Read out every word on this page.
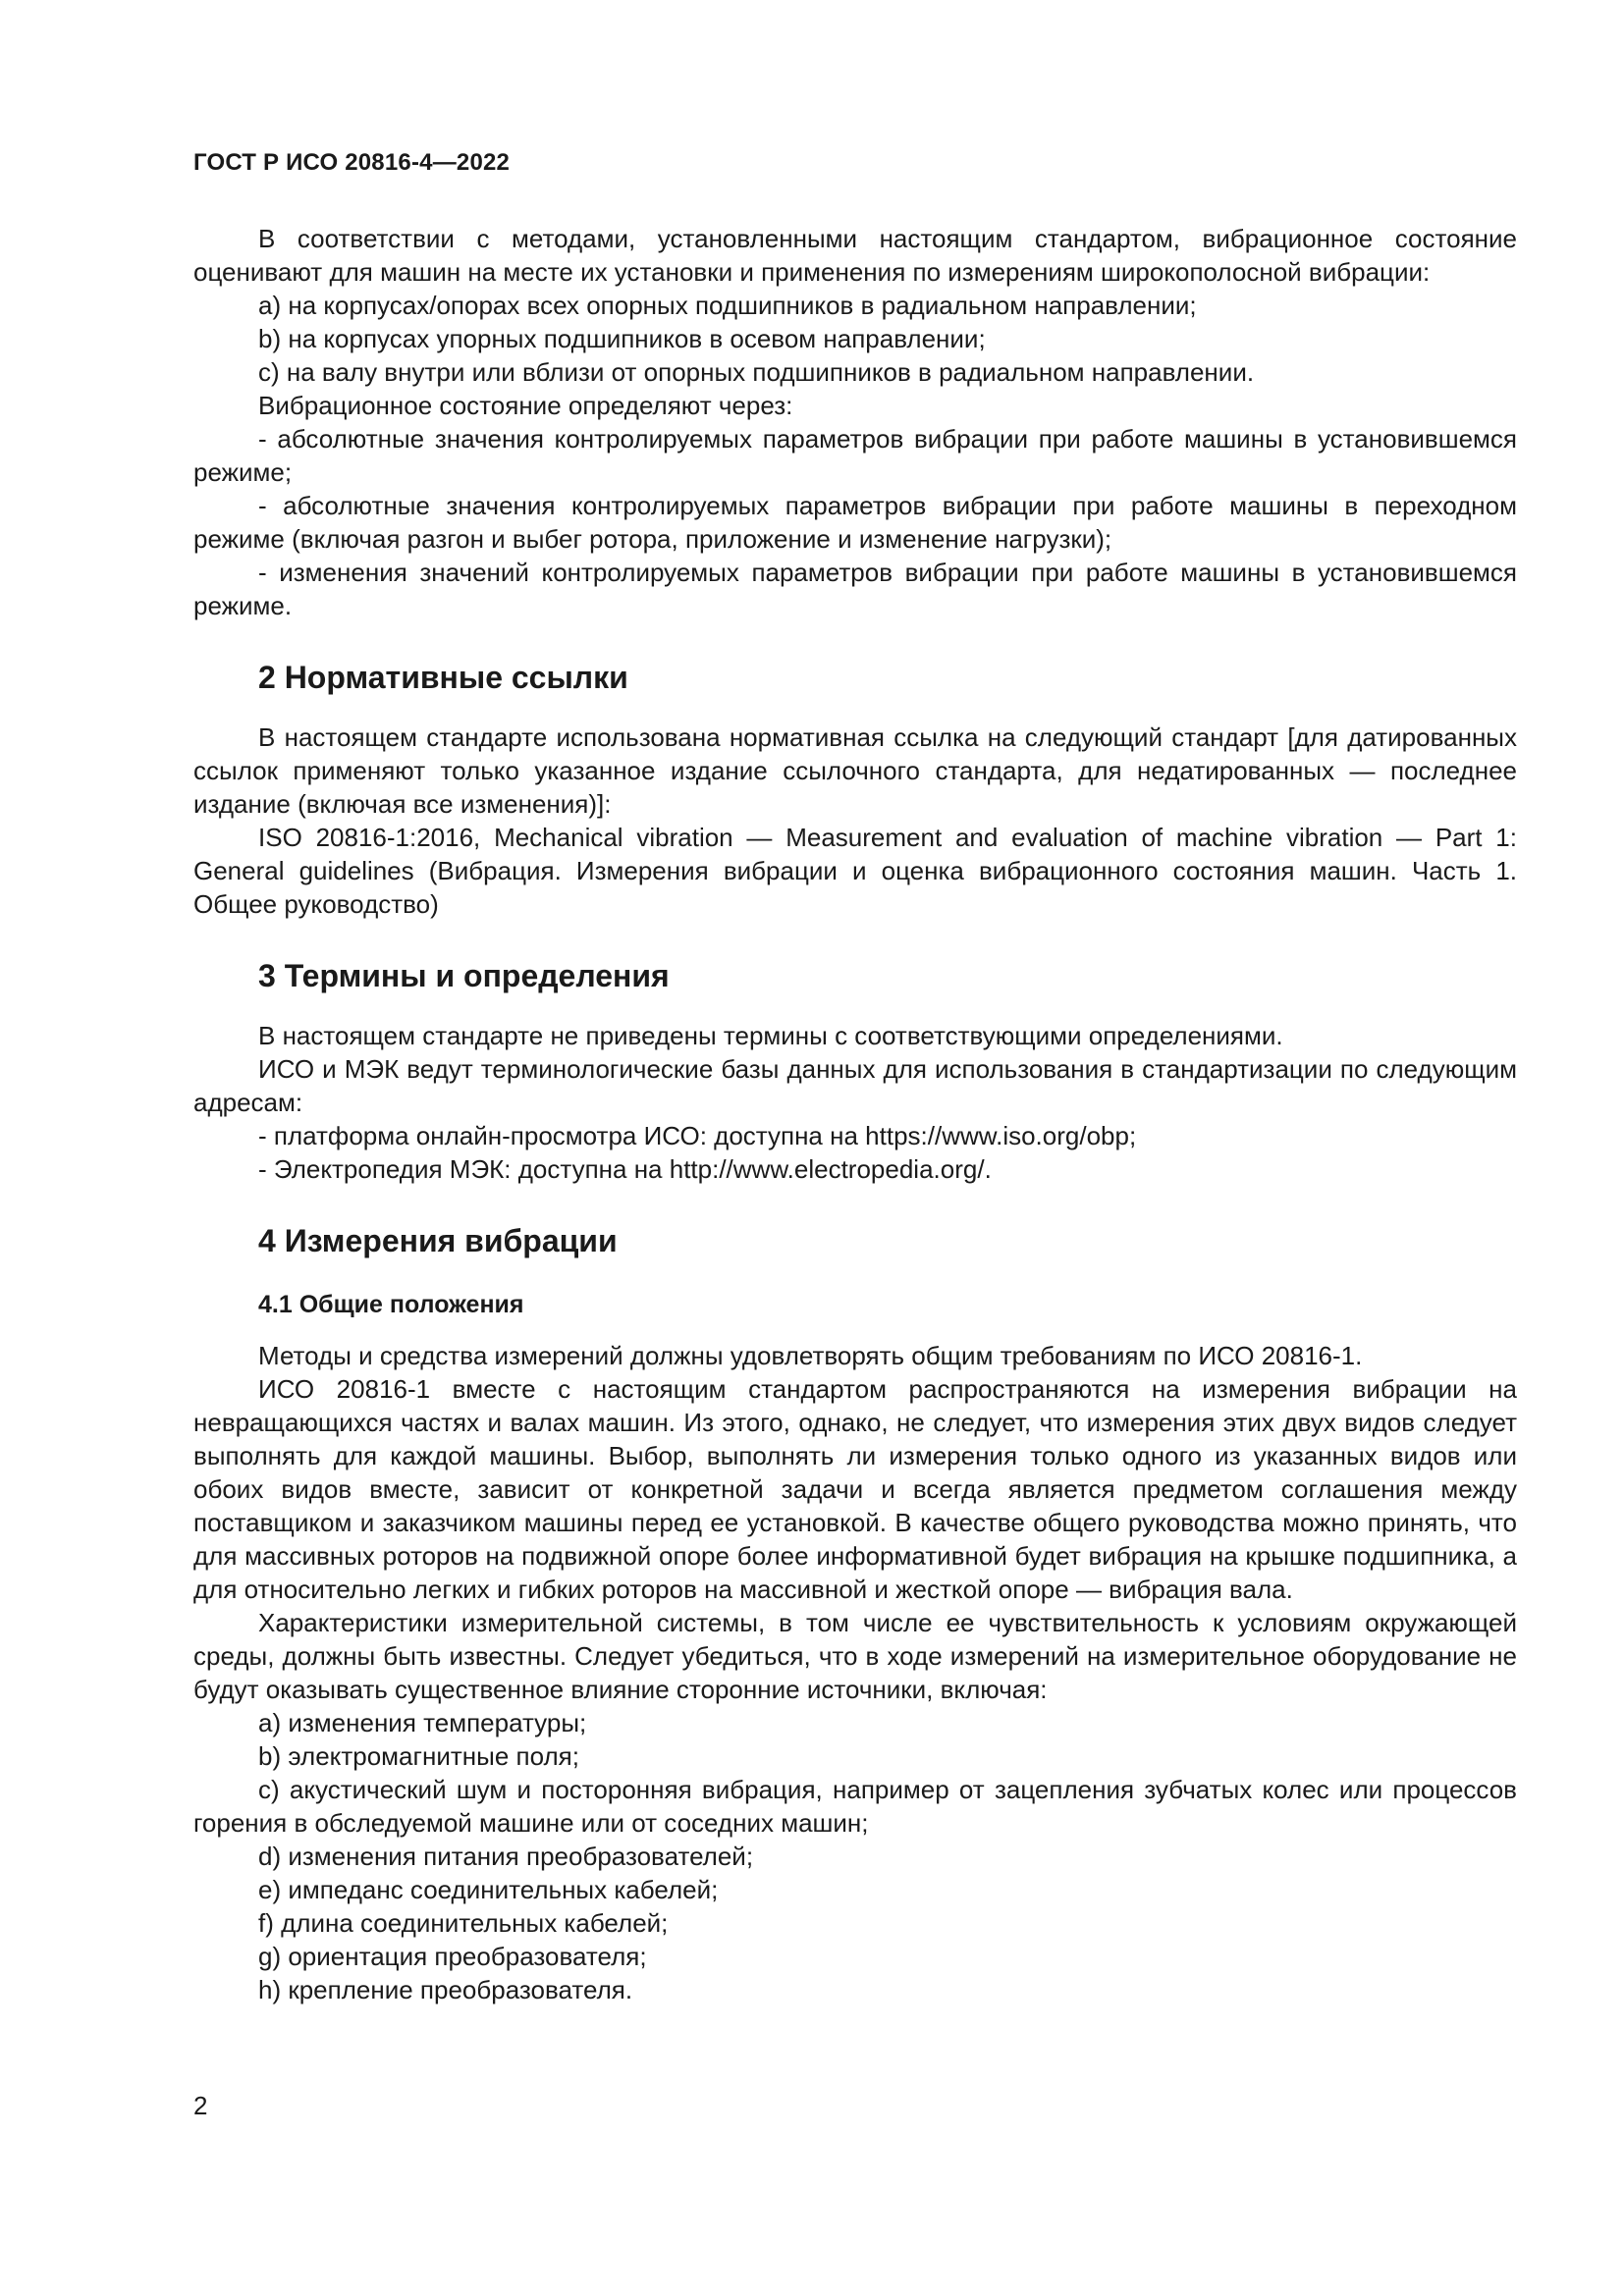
ГОСТ Р ИСО 20816-4—2022

В соответствии с методами, установленными настоящим стандартом, вибрационное состояние оценивают для машин на месте их установки и применения по измерениям широкополосной вибрации:

a) на корпусах/опорах всех опорных подшипников в радиальном направлении;

b) на корпусах упорных подшипников в осевом направлении;

c) на валу внутри или вблизи от опорных подшипников в радиальном направлении.

Вибрационное состояние определяют через:

- абсолютные значения контролируемых параметров вибрации при работе машины в установившемся режиме;

- абсолютные значения контролируемых параметров вибрации при работе машины в переходном режиме (включая разгон и выбег ротора, приложение и изменение нагрузки);

- изменения значений контролируемых параметров вибрации при работе машины в установившемся режиме.

2 Нормативные ссылки

В настоящем стандарте использована нормативная ссылка на следующий стандарт [для датированных ссылок применяют только указанное издание ссылочного стандарта, для недатированных — последнее издание (включая все изменения)]:

ISO 20816-1:2016, Mechanical vibration — Measurement and evaluation of machine vibration — Part 1: General guidelines (Вибрация. Измерения вибрации и оценка вибрационного состояния машин. Часть 1. Общее руководство)

3 Термины и определения

В настоящем стандарте не приведены термины с соответствующими определениями.

ИСО и МЭК ведут терминологические базы данных для использования в стандартизации по следующим адресам:

- платформа онлайн-просмотра ИСО: доступна на https://www.iso.org/obp;

- Электропедия МЭК: доступна на http://www.electropedia.org/.

4 Измерения вибрации
4.1 Общие положения

Методы и средства измерений должны удовлетворять общим требованиям по ИСО 20816-1.

ИСО 20816-1 вместе с настоящим стандартом распространяются на измерения вибрации на невращающихся частях и валах машин. Из этого, однако, не следует, что измерения этих двух видов следует выполнять для каждой машины. Выбор, выполнять ли измерения только одного из указанных видов или обоих видов вместе, зависит от конкретной задачи и всегда является предметом соглашения между поставщиком и заказчиком машины перед ее установкой. В качестве общего руководства можно принять, что для массивных роторов на подвижной опоре более информативной будет вибрация на крышке подшипника, а для относительно легких и гибких роторов на массивной и жесткой опоре — вибрация вала.

Характеристики измерительной системы, в том числе ее чувствительность к условиям окружающей среды, должны быть известны. Следует убедиться, что в ходе измерений на измерительное оборудование не будут оказывать существенное влияние сторонние источники, включая:

a) изменения температуры;

b) электромагнитные поля;

c) акустический шум и посторонняя вибрация, например от зацепления зубчатых колес или процессов горения в обследуемой машине или от соседних машин;

d) изменения питания преобразователей;

e) импеданс соединительных кабелей;

f) длина соединительных кабелей;

g) ориентация преобразователя;

h) крепление преобразователя.

2
